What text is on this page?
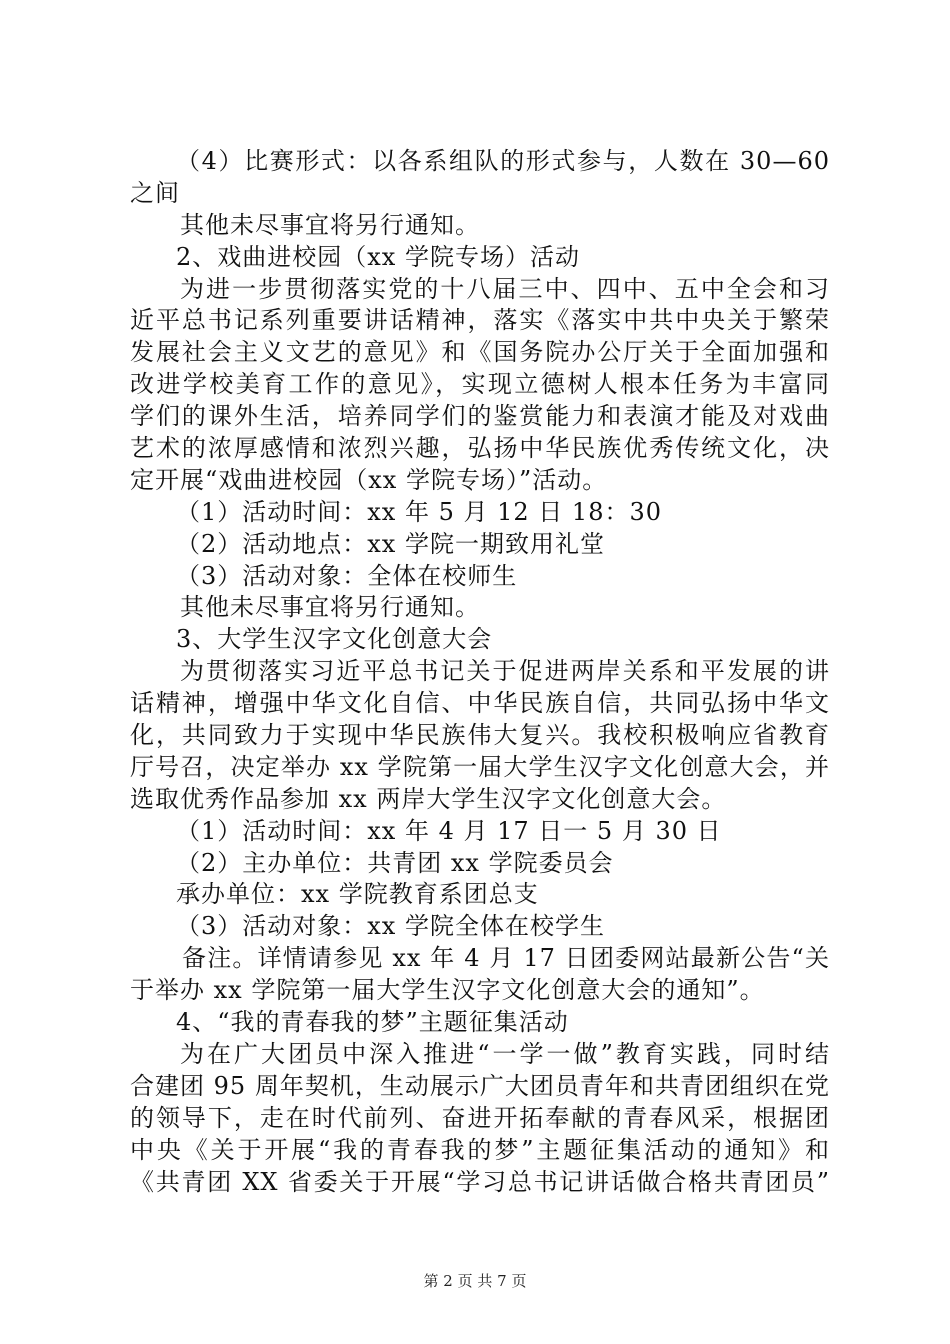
（4）比赛形式：以各系组队的形式参与，人数在 30—60
之间
其他未尽事宜将另行通知。
2、戏曲进校园（xx 学院专场）活动
为进一步贯彻落实党的十八届三中、四中、五中全会和习
近平总书记系列重要讲话精神，落实《落实中共中央关于繁荣
发展社会主义文艺的意见》和《国务院办公厅关于全面加强和
改进学校美育工作的意见》，实现立德树人根本任务为丰富同
学们的课外生活，培养同学们的鉴赏能力和表演才能及对戏曲
艺术的浓厚感情和浓烈兴趣，弘扬中华民族优秀传统文化，决
定开展“戏曲进校园（xx 学院专场）”活动。
（1）活动时间：xx 年 5 月 12 日 18：30
（2）活动地点：xx 学院一期致用礼堂
（3）活动对象：全体在校师生
其他未尽事宜将另行通知。
3、大学生汉字文化创意大会
为贯彻落实习近平总书记关于促进两岸关系和平发展的讲
话精神，增强中华文化自信、中华民族自信，共同弘扬中华文
化，共同致力于实现中华民族伟大复兴。我校积极响应省教育
厅号召，决定举办 xx 学院第一届大学生汉字文化创意大会，并
选取优秀作品参加 xx 两岸大学生汉字文化创意大会。
（1）活动时间：xx 年 4 月 17 日一 5 月 30 日
（2）主办单位：共青团 xx 学院委员会
承办单位：xx 学院教育系团总支
（3）活动对象：xx 学院全体在校学生
备注。详情请参见 xx 年 4 月 17 日团委网站最新公告“关
于举办 xx 学院第一届大学生汉字文化创意大会的通知”。
4、“我的青春我的梦”主题征集活动
为在广大团员中深入推进“一学一做”教育实践，同时结
合建团 95 周年契机，生动展示广大团员青年和共青团组织在党
的领导下，走在时代前列、奋进开拓奉献的青春风采，根据团
中央《关于开展“我的青春我的梦”主题征集活动的通知》和
《共青团 XX 省委关于开展“学习总书记讲话做合格共青团员”
第 2 页 共 7 页
